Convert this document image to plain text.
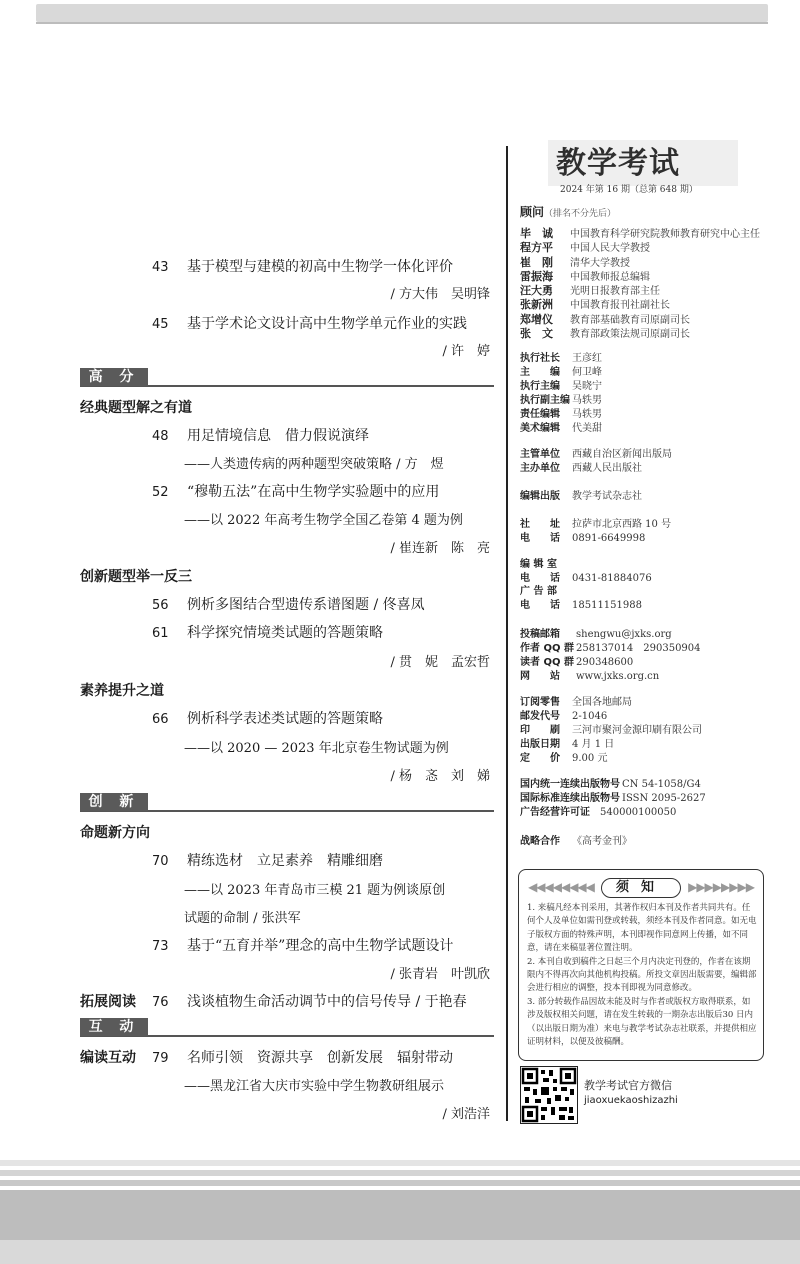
43 基于模型与建模的初高中生物学一体化评价
/ 方大伟　吴明锋
45 基于学术论文设计高中生物学单元作业的实践
/ 许　婷
高 分
经典题型解之有道
48 用足情境信息　借力假说演绎
——人类遗传病的两种题型突破策略 / 方　煜
52 “穆勒五法”在高中生物学实验题中的应用
——以 2022 年高考生物学全国乙卷第 4 题为例
/ 崔连新　陈　亮
创新题型举一反三
56 例析多图结合型遗传系谱图题 / 佟喜凤
61 科学探究情境类试题的答题策略
/ 贯　妮　孟宏哲
素养提升之道
66 例析科学表述类试题的答题策略
——以 2020 — 2023 年北京卷生物试题为例
/ 杨　忞　刘　娣
创 新
命题新方向
70 精练选材　立足素养　精雕细磨
——以 2023 年青岛市三模 21 题为例谈原创
试题的命制 / 张洪军
73 基于“五育并举”理念的高中生物学试题设计
/ 张青岩　叶凯欣
拓展阅读 76 浅谈植物生命活动调节中的信号传导 / 于艳春
互 动
编读互动 79 名师引领　资源共享　创新发展　辐射带动
——黑龙江省大庆市实验中学生物教研组展示
/ 刘浩洋
教学考试
2024 年第 16 期（总第 648 期）
顾问（排名不分先后）
毕　诚 中国教育科学研究院教师教育研究中心主任
程方平 中国人民大学教授
崔　刚 清华大学教授
雷振海 中国教师报总编辑
汪大勇 光明日报教育部主任
张新洲 中国教育报刊社副社长
郑增仪 教育部基础教育司原副司长
张　文 教育部政策法规司原副司长
执行社长 王彦红
主　　编 何卫峰
执行主编 吴晓宁
执行副主编 马轶男
责任编辑 马轶男
美术编辑 代美甜
主管单位 西藏自治区新闻出版局
主办单位 西藏人民出版社
编辑出版 教学考试杂志社
社　　址 拉萨市北京西路 10 号
电　　话 0891-6649998
编 辑 室
电　　话 0431-81884076
广 告 部
电　　话 18511151988
投稿邮箱 shengwu@jxks.org
作者 QQ 群 258137014　290350904
读者 QQ 群 290348600
网　　站 www.jxks.org.cn
订阅零售 全国各地邮局
邮发代号 2-1046
印　　刷 三河市聚河金源印刷有限公司
出版日期 4 月 1 日
定　　价 9.00 元
国内统一连续出版物号 CN 54-1058/G4
国际标准连续出版物号 ISSN 2095-2627
广告经营许可证 540000100050
战略合作 《高考金刊》
◀◀◀◀◀◀◀◀ 须知 ▶▶▶▶▶▶▶▶

1. 来稿凡经本刊采用，其著作权归本刊及作者共同共有。任何个人及单位如需刊登或转载，须经本刊及作者同意。如无电子版权方面的特殊声明，本刊即视作同意网上传播，如不同意，请在来稿显著位置注明。

2. 本刊自收到稿件之日起三个月内决定刊登的，作者在该期限内不得再次向其他机构投稿。所投文章因出版需要，编辑部会进行相应的调整，投本刊即视为同意修改。

3. 部分转载作品因故未能及时与作者或版权方取得联系，如涉及版权相关问题，请在发生转载的一期杂志出版后30 日内（以出版日期为准）来电与教学考试杂志社联系，并提供相应证明材料，以便及彼稿酬。

教学考试官方微信
jiaoxuekaoshizazhi
